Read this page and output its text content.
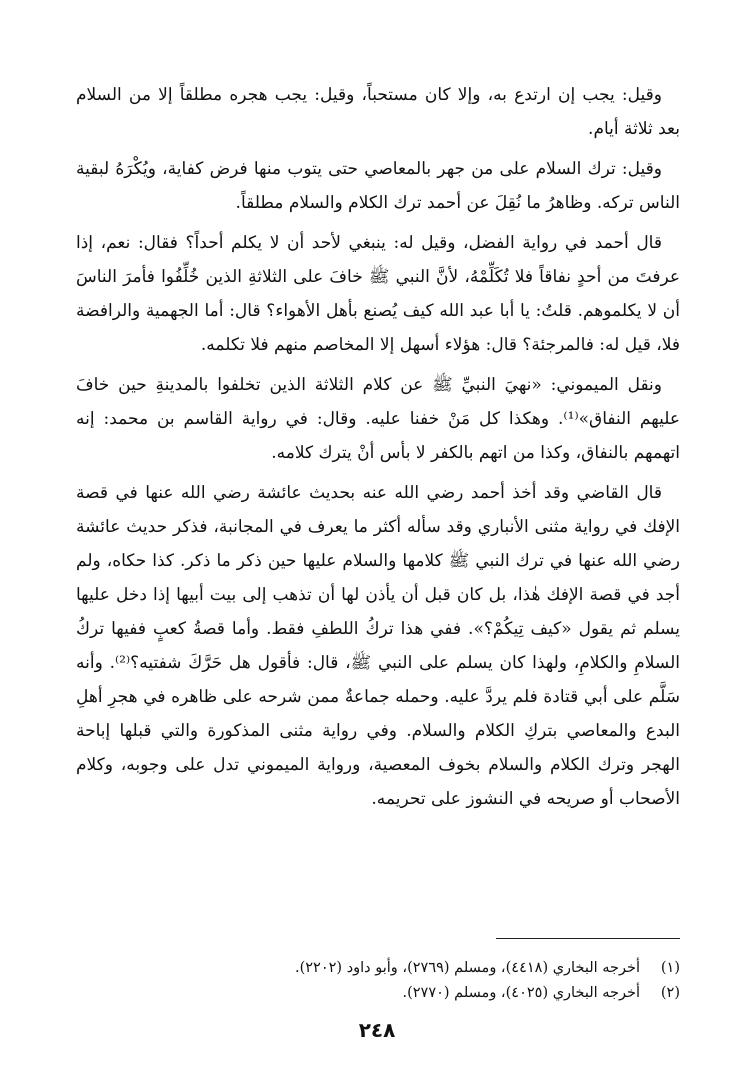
وقيل: يجب إن ارتدع به، وإلا كان مستحباً، وقيل: يجب هجره مطلقاً إلا من السلام بعد ثلاثة أيام.

وقيل: ترك السلام على من جهر بالمعاصي حتى يتوب منها فرض كفاية، ويُكْرَهُ لبقية الناس تركه. وظاهرُ ما نُقِلَ عن أحمد ترك الكلام والسلام مطلقاً.

قال أحمد في رواية الفضل، وقيل له: ينبغي لأحد أن لا يكلم أحداً؟ فقال: نعم، إذا عرفتَ من أحدٍ نفاقاً فلا تُكَلِّمْهُ، لأنَّ النبي ﷺ خافَ على الثلاثةِ الذين خُلِّفُوا فأمرَ الناسَ أن لا يكلموهم. قلتُ: يا أبا عبد الله كيف يُصنع بأهل الأهواء؟ قال: أما الجهمية والرافضة فلا، قيل له: فالمرجئة؟ قال: هؤلاء أسهل إلا المخاصم منهم فلا تكلمه.

ونقل الميموني: «نهيَ النبيِّ ﷺ عن كلام الثلاثة الذين تخلفوا بالمدينةِ حين خافَ عليهم النفاق»⁽¹⁾. وهكذا كل مَنْ خفنا عليه. وقال: في رواية القاسم بن محمد: إنه اتهمهم بالنفاق، وكذا من اتهم بالكفر لا بأس أنْ يترك كلامه.

قال القاضي وقد أخذ أحمد رضي الله عنه بحديث عائشة رضي الله عنها في قصة الإفك في رواية مثنى الأنباري وقد سأله أكثر ما يعرف في المجانبة، فذكر حديث عائشة رضي الله عنها في ترك النبي ﷺ كلامها والسلام عليها حين ذكر ما ذكر. كذا حكاه، ولم أجد في قصة الإفك هٰذا، بل كان قبل أن يأذن لها أن تذهب إلى بيت أبيها إذا دخل عليها يسلم ثم يقول «كيف تِيكُمْ؟». ففي هذا تركُ اللطفِ فقط. وأما قصةُ كعبٍ ففيها تركُ السلامِ والكلامِ، ولهذا كان يسلم على النبي ﷺ، قال: فأقول هل حَرَّكَ شفتيه؟⁽²⁾. وأنه سَلَّم على أبي قتادة فلم يردَّ عليه. وحمله جماعةٌ ممن شرحه على ظاهره في هجرِ أهلِ البدع والمعاصي بتركِ الكلام والسلام. وفي رواية مثنى المذكورة والتي قبلها إباحة الهجر وترك الكلام والسلام بخوف المعصية، ورواية الميموني تدل على وجوبه، وكلام الأصحاب أو صريحه في النشوز على تحريمه.

(١)
أخرجه البخاري (٤٤١٨)، ومسلم (٢٧٦٩)، وأبو داود (٢٢٠٢).
(٢)
أخرجه البخاري (٤٠٢٥)، ومسلم (٢٧٧٠).
٢٤٨
